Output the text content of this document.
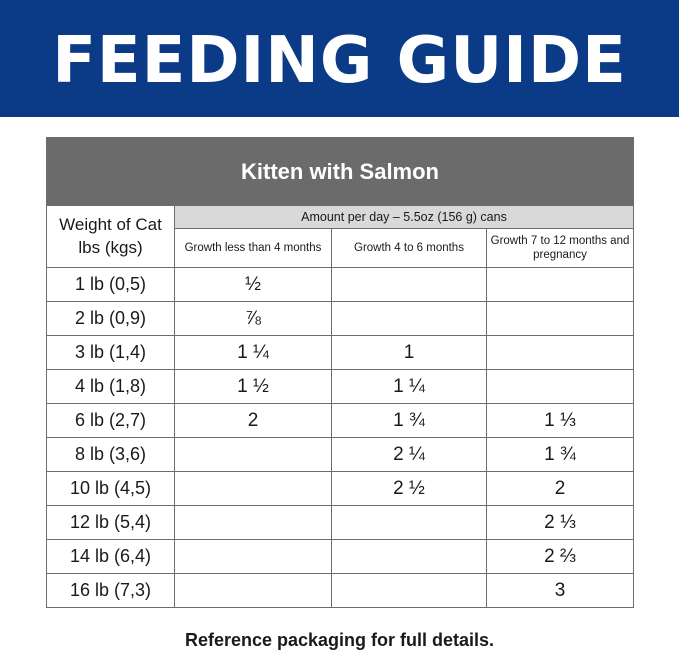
FEEDING GUIDE
Kitten with Salmon			
Weight of Cat lbs (kgs)	Amount per day – 5.5oz (156 g) cans		
	Growth less than 4 months	Growth 4 to 6 months	Growth 7 to 12 months and pregnancy
1 lb (0,5)	½		
2 lb (0,9)	⅞		
3 lb (1,4)	1 ¼	1	
4 lb (1,8)	1 ½	1 ¼	
6 lb (2,7)	2	1 ¾	1 ⅓
8 lb (3,6)		2 ¼	1 ¾
10 lb (4,5)		2 ½	2
12 lb (5,4)			2 ⅓
14 lb (6,4)			2 ⅔
16 lb (7,3)			3
Reference packaging for full details.
